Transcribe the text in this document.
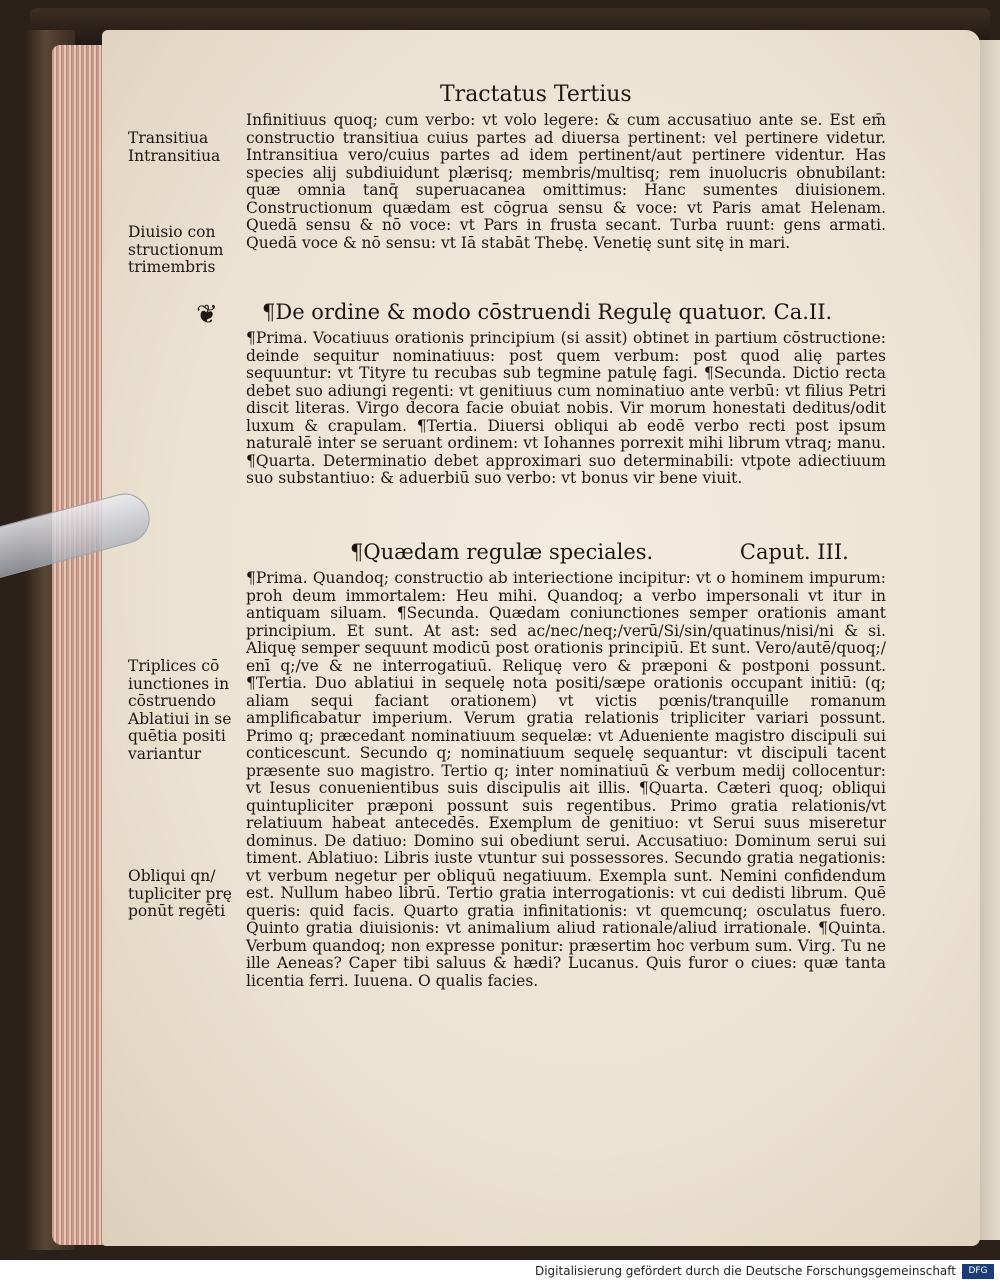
Tractatus Tertius
Transitiua
Intransitiua
Diuisio con
structionum
trimembris
❦
Triplices cō
iunctiones in
cōstruendo
Ablatiui in se
quētia positi
variantur
Obliqui qn/
tupliciter prę
ponūt regēti

Infinitiuus quoq; cum verbo: vt volo legere: & cum accusatiuo ante se. Est em̄ constructio transitiua cuius partes ad diuersa pertinent: vel pertinere videtur. Intransitiua vero/cuius partes ad idem pertinent/aut pertinere videntur. Has species alij subdiuidunt plærisq; membris/multisq; rem inuolucris obnubilant: quæ omnia tanq̄ superuacanea omittimus: Hanc sumentes diuisionem. Constructionum quædam est cōgrua sensu & voce: vt Paris amat Helenam. Quedā sensu & nō voce: vt Pars in frusta secant. Turba ruunt: gens armati. Quedā voce & nō sensu: vt Iā stabāt Thebę. Venetię sunt sitę in mari.

¶De ordine & modo cōstruendi Regulę quatuor. Ca.II.

¶Prima. Vocatiuus orationis principium (si assit) obtinet in partium cōstructione: deinde sequitur nominatiuus: post quem verbum: post quod alię partes sequuntur: vt Tityre tu recubas sub tegmine patulę fagi. ¶Secunda. Dictio recta debet suo adiungi regenti: vt genitiuus cum nominatiuo ante verbū: vt filius Petri discit literas. Virgo decora facie obuiat nobis. Vir morum honestati deditus/odit luxum & crapulam. ¶Tertia. Diuersi obliqui ab eodē verbo recti post ipsum naturalē inter se seruant ordinem: vt Iohannes porrexit mihi librum vtraq; manu. ¶Quarta. Determinatio debet approximari suo determinabili: vtpote adiectiuum suo substantiuo: & aduerbiū suo verbo: vt bonus vir bene viuit.

¶Quædam regulæ speciales.	Caput. III.

¶Prima. Quandoq; constructio ab interiectione incipitur: vt o hominem impurum: proh deum immortalem: Heu mihi. Quandoq; a verbo impersonali vt itur in antiquam siluam. ¶Secunda. Quædam coniunctiones semper orationis amant principium. Et sunt. At ast: sed ac/nec/neq;/verū/Si/sin/quatinus/nisi/ni & si. Aliquę semper sequunt modicū post orationis principiū. Et sunt. Vero/autē/quoq;/ enī q;/ve & ne interrogatiuū. Reliquę vero & præponi & postponi possunt. ¶Tertia. Duo ablatiui in sequelę nota positi/sæpe orationis occupant initiū: (q; aliam sequi faciant orationem) vt victis pœnis/tranquille romanum amplificabatur imperium. Verum gratia relationis tripliciter variari possunt. Primo q; præcedant nominatiuum sequelæ: vt Adueniente magistro discipuli sui conticescunt. Secundo q; nominatiuum sequelę sequantur: vt discipuli tacent præsente suo magistro. Tertio q; inter nominatiuū & verbum medij collocentur: vt Iesus conuenientibus suis discipulis ait illis. ¶Quarta. Cæteri quoq; obliqui quintupliciter præponi possunt suis regentibus. Primo gratia relationis/vt relatiuum habeat antecedēs. Exemplum de genitiuo: vt Serui suus miseretur dominus. De datiuo: Domino sui obediunt serui. Accusatiuo: Dominum serui sui timent. Ablatiuo: Libris iuste vtuntur sui possessores. Secundo gratia negationis: vt verbum negetur per obliquū negatiuum. Exempla sunt. Nemini confidendum est. Nullum habeo librū. Tertio gratia interrogationis: vt cui dedisti librum. Quē queris: quid facis. Quarto gratia infinitationis: vt quemcunq; osculatus fuero. Quinto gratia diuisionis: vt animalium aliud rationale/aliud irrationale. ¶Quinta. Verbum quandoq; non expresse ponitur: præsertim hoc verbum sum. Virg. Tu ne ille Aeneas? Caper tibi saluus & hædi? Lucanus. Quis furor o ciues: quæ tanta licentia ferri. Iuuena. O qualis facies.

Digitalisierung gefördert durch die Deutsche Forschungsgemeinschaft	DFG
